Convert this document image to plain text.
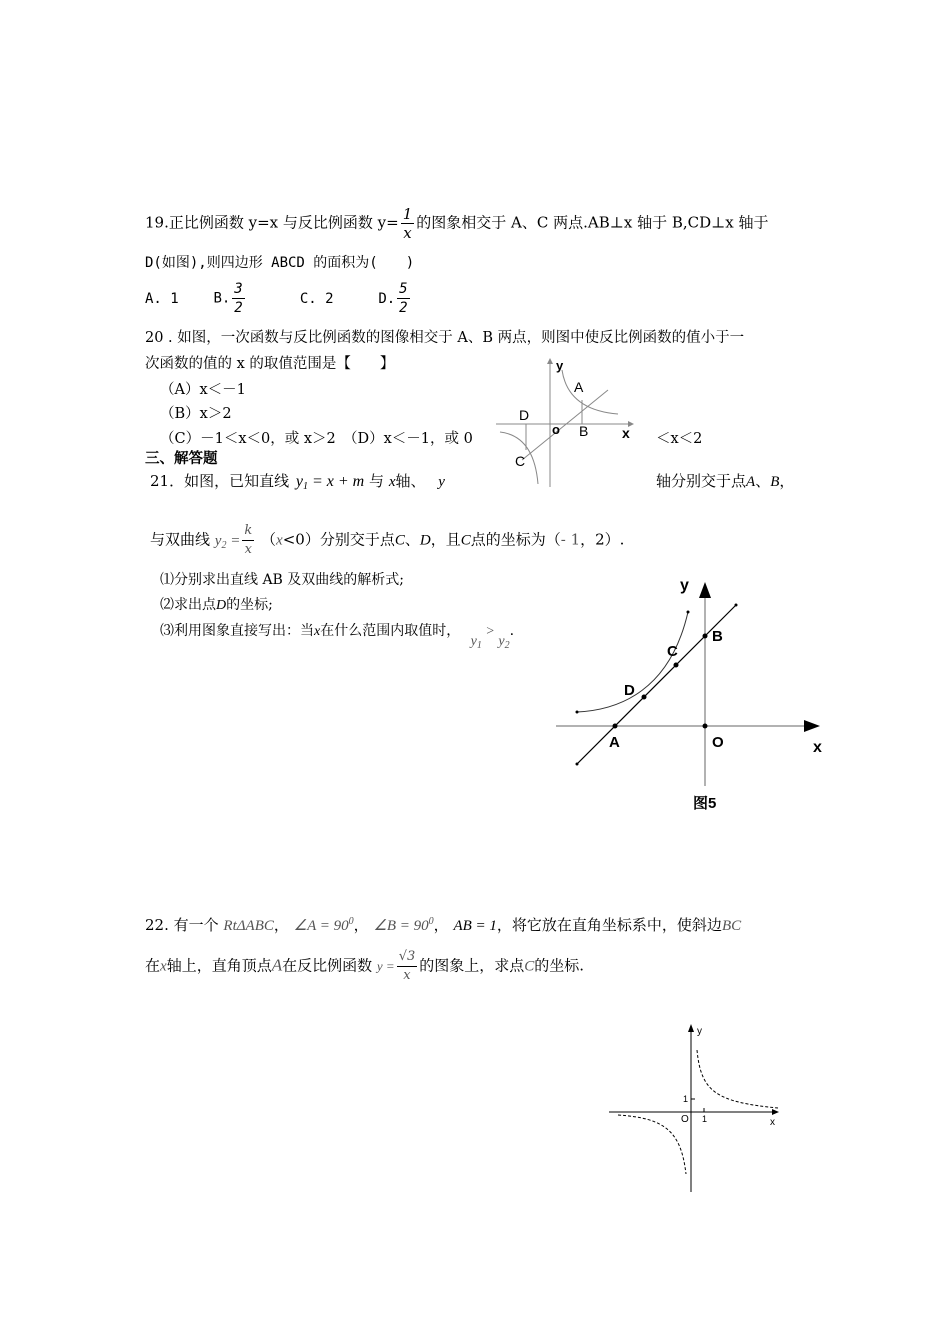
19.正比例函数 y=x 与反比例函数 $y= \frac{1}{x}$ 的图象相交于 A、C 两点.AB⊥x 轴于 B,CD⊥x 轴于
D(如图),则四边形 ABCD 的面积为(　　)
A. 1 B. $\frac{3}{2}$	C. 2	D. $\frac{5}{2}$
20 . 如图，一次函数与反比例函数的图像相交于 A、B 两点，则图中使反比例函数的值小于一
次函数的值的 x 的取值范围是【　　】
（A）x＜－1
（B）x＞2
（C）－1＜x＜0，或 x＞2　（D）x＜－1，或 0	＜x＜2
y
A
D
o B x
C
三、解答题
21．如图，已知直线 $y_1 = x + m$ 与 x轴、 y	轴分别交于点A、B，
与双曲线 $y_2 = \frac{k}{x} (x<0)$分别交于点C、D，且C点的坐标为（- 1，2）.
⑴分别求出直线 AB 及双曲线的解析式;
⑵求出点D的坐标;
⑶利用图象直接写出：当x在什么范围内取值时， $y_1 > y_2$.
y
B
C
D
A	O	x
图5
22. 有一个 RtΔABC， ∠A = $90^0$， ∠B = $90^0$， AB = 1，将它放在直角坐标系中，使斜边BC
在x轴上，直角顶点A在反比例函数 $y = \frac{√3}{x}$ 的图象上，求点C的坐标.
y
1
O 1	x
